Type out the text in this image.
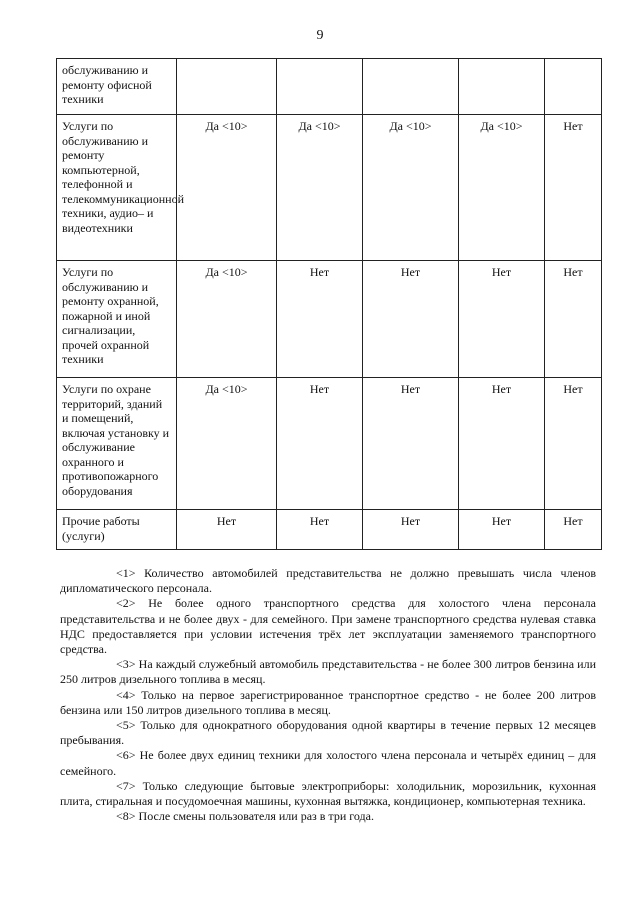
9
обслуживанию и ремонту офисной техники					
Услуги по обслуживанию и ремонту компьютерной, телефонной и телекоммуникационной техники, аудио– и видеотехники	Да <10>	Да <10>	Да <10>	Да <10>	Нет
Услуги по обслуживанию и ремонту охранной, пожарной и иной сигнализации, прочей охранной техники	Да <10>	Нет	Нет	Нет	Нет
Услуги по охране территорий, зданий и помещений, включая установку и обслуживание охранного и противопожарного оборудования	Да <10>	Нет	Нет	Нет	Нет
Прочие работы (услуги)	Нет	Нет	Нет	Нет	Нет

<1> Количество автомобилей представительства не должно превышать числа членов дипломатического персонала.

<2> Не более одного транспортного средства для холостого члена персонала представительства и не более двух - для семейного. При замене транспортного средства нулевая ставка НДС предоставляется при условии истечения трёх лет эксплуатации заменяемого транспортного средства.

<3> На каждый служебный автомобиль представительства - не более 300 литров бензина или 250 литров дизельного топлива в месяц.

<4> Только на первое зарегистрированное транспортное средство - не более 200 литров бензина или 150 литров дизельного топлива в месяц.

<5> Только для однократного оборудования одной квартиры в течение первых 12 месяцев пребывания.

<6> Не более двух единиц техники для холостого члена персонала и четырёх единиц – для семейного.

<7> Только следующие бытовые электроприборы: холодильник, морозильник, кухонная плита, стиральная и посудомоечная машины, кухонная вытяжка, кондиционер, компьютерная техника.

<8> После смены пользователя или раз в три года.
